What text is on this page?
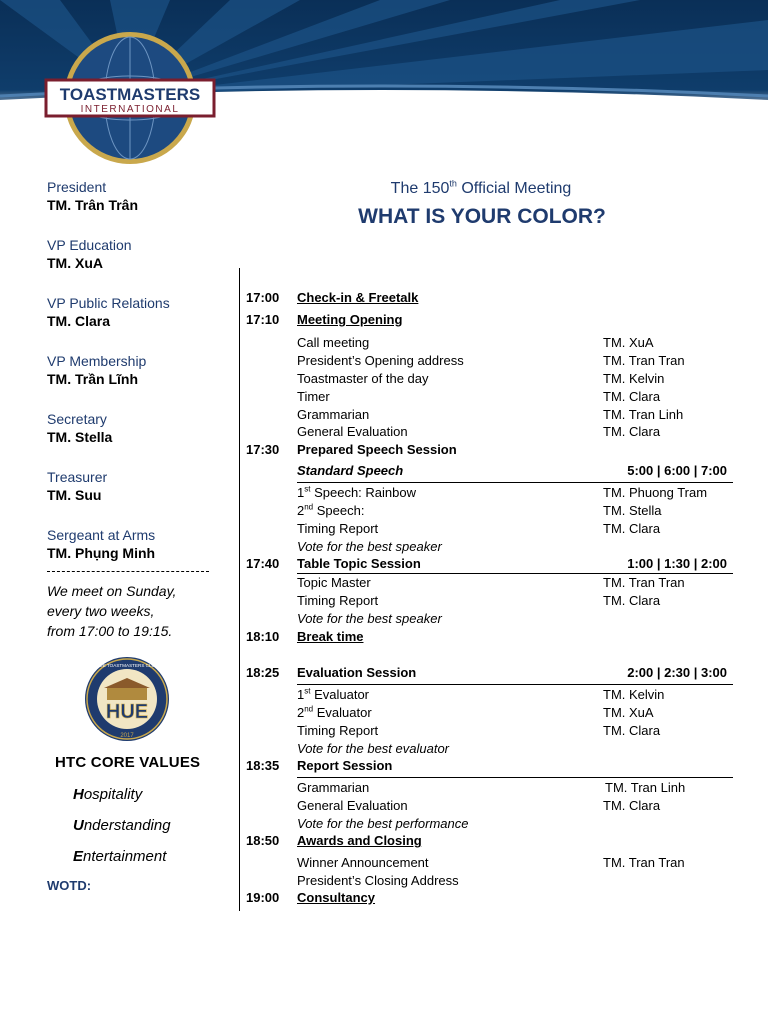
TOASTMASTERS
INTERNATIONAL
President
TM. Trân Trân
VP Education
TM. XuA
VP Public Relations
TM. Clara
VP Membership
TM. Trần Lĩnh
Secretary
TM. Stella
Treasurer
TM. Suu
Sergeant at Arms
TM. Phụng Minh
We meet on Sunday,
every two weeks,
from 17:00 to 19:15.
HUE
HUE TOASTMASTERS CLUB
2017
HTC CORE VALUES
Hospitality
Understanding
Entertainment
WOTD:
The 150th Official Meeting
WHAT IS YOUR COLOR?
17:00 Check-in & Freetalk
17:10 Meeting Opening
Call meeting	TM. XuA
President’s Opening address	TM. Tran Tran
Toastmaster of the day	TM. Kelvin
Timer	TM. Clara
Grammarian	TM. Tran Linh
General Evaluation	TM. Clara
17:30 Prepared Speech Session
Standard Speech	5:00 | 6:00 | 7:00
1st Speech: Rainbow	TM. Phuong Tram
2nd Speech:	TM. Stella
Timing Report	TM. Clara
Vote for the best speaker
17:40 Table Topic Session	1:00 | 1:30 | 2:00
Topic Master	TM. Tran Tran
Timing Report	TM. Clara
Vote for the best speaker
18:10 Break time
18:25 Evaluation Session	2:00 | 2:30 | 3:00
1st Evaluator	TM. Kelvin
2nd Evaluator	TM. XuA
Timing Report	TM. Clara
Vote for the best evaluator
18:35 Report Session
Grammarian	TM. Tran Linh
General Evaluation	TM. Clara
Vote for the best performance
18:50 Awards and Closing
Winner Announcement	TM. Tran Tran
President’s Closing Address
19:00 Consultancy
